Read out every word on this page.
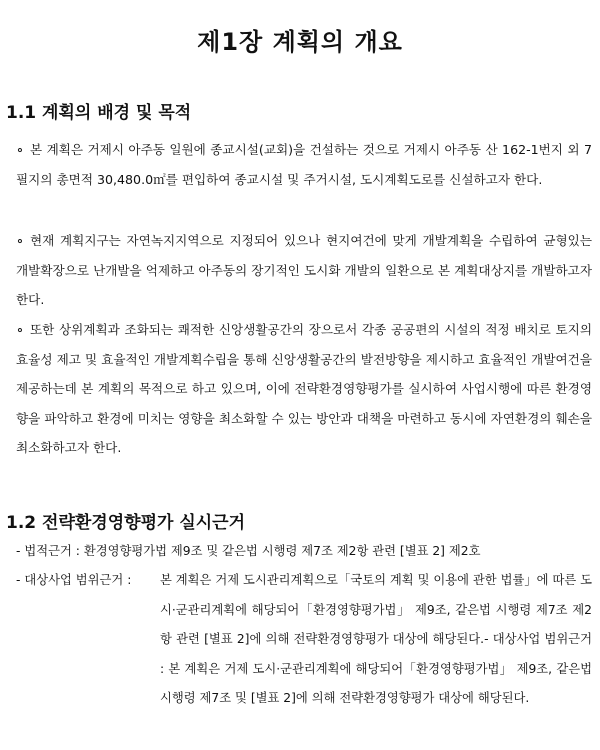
제1장 계획의 개요
1.1 계획의 배경 및 목적
∘ 본 계획은 거제시 아주동 일원에 종교시설(교회)을 건설하는 것으로 거제시 아주동 산 162-1번지 외 7필지의 총면적 30,480.0㎡를 편입하여 종교시설 및 주거시설, 도시계획도로를 신설하고자 한다.
∘ 현재 계획지구는 자연녹지지역으로 지정되어 있으나 현지여건에 맞게 개발계획을 수립하여 균형있는 개발확장으로 난개발을 억제하고 아주동의 장기적인 도시화 개발의 일환으로 본 계획대상지를 개발하고자 한다.
∘ 또한 상위계획과 조화되는 쾌적한 신앙생활공간의 장으로서 각종 공공편의 시설의 적정 배치로 토지의 효율성 제고 및 효율적인 개발계획수립을 통해 신앙생활공간의 발전방향을 제시하고 효율적인 개발여건을 제공하는데 본 계획의 목적으로 하고 있으며, 이에 전략환경영향평가를 실시하여 사업시행에 따른 환경영향을 파악하고 환경에 미치는 영향을 최소화할 수 있는 방안과 대책을 마련하고 동시에 자연환경의 훼손을 최소화하고자 한다.
1.2 전략환경영향평가 실시근거
- 법적근거 : 환경영향평가법 제9조 및 같은법 시행령 제7조 제2항 관련 [별표 2] 제2호
- 대상사업 범위근거 : 본 계획은 거제 도시관리계획으로「국토의 계획 및 이용에 관한 법률」에 따른 도시·군관리계획에 해당되어「환경영향평가법」 제9조, 같은법 시행령 제7조 제2항 관련 [별표 2]에 의해 전략환경영향평가 대상에 해당된다.- 대상사업 범위근거 : 본 계획은 거제 도시·군관리계획에 해당되어「환경영향평가법」 제9조, 같은법 시행령 제7조 및 [별표 2]에 의해 전략환경영향평가 대상에 해당된다.
